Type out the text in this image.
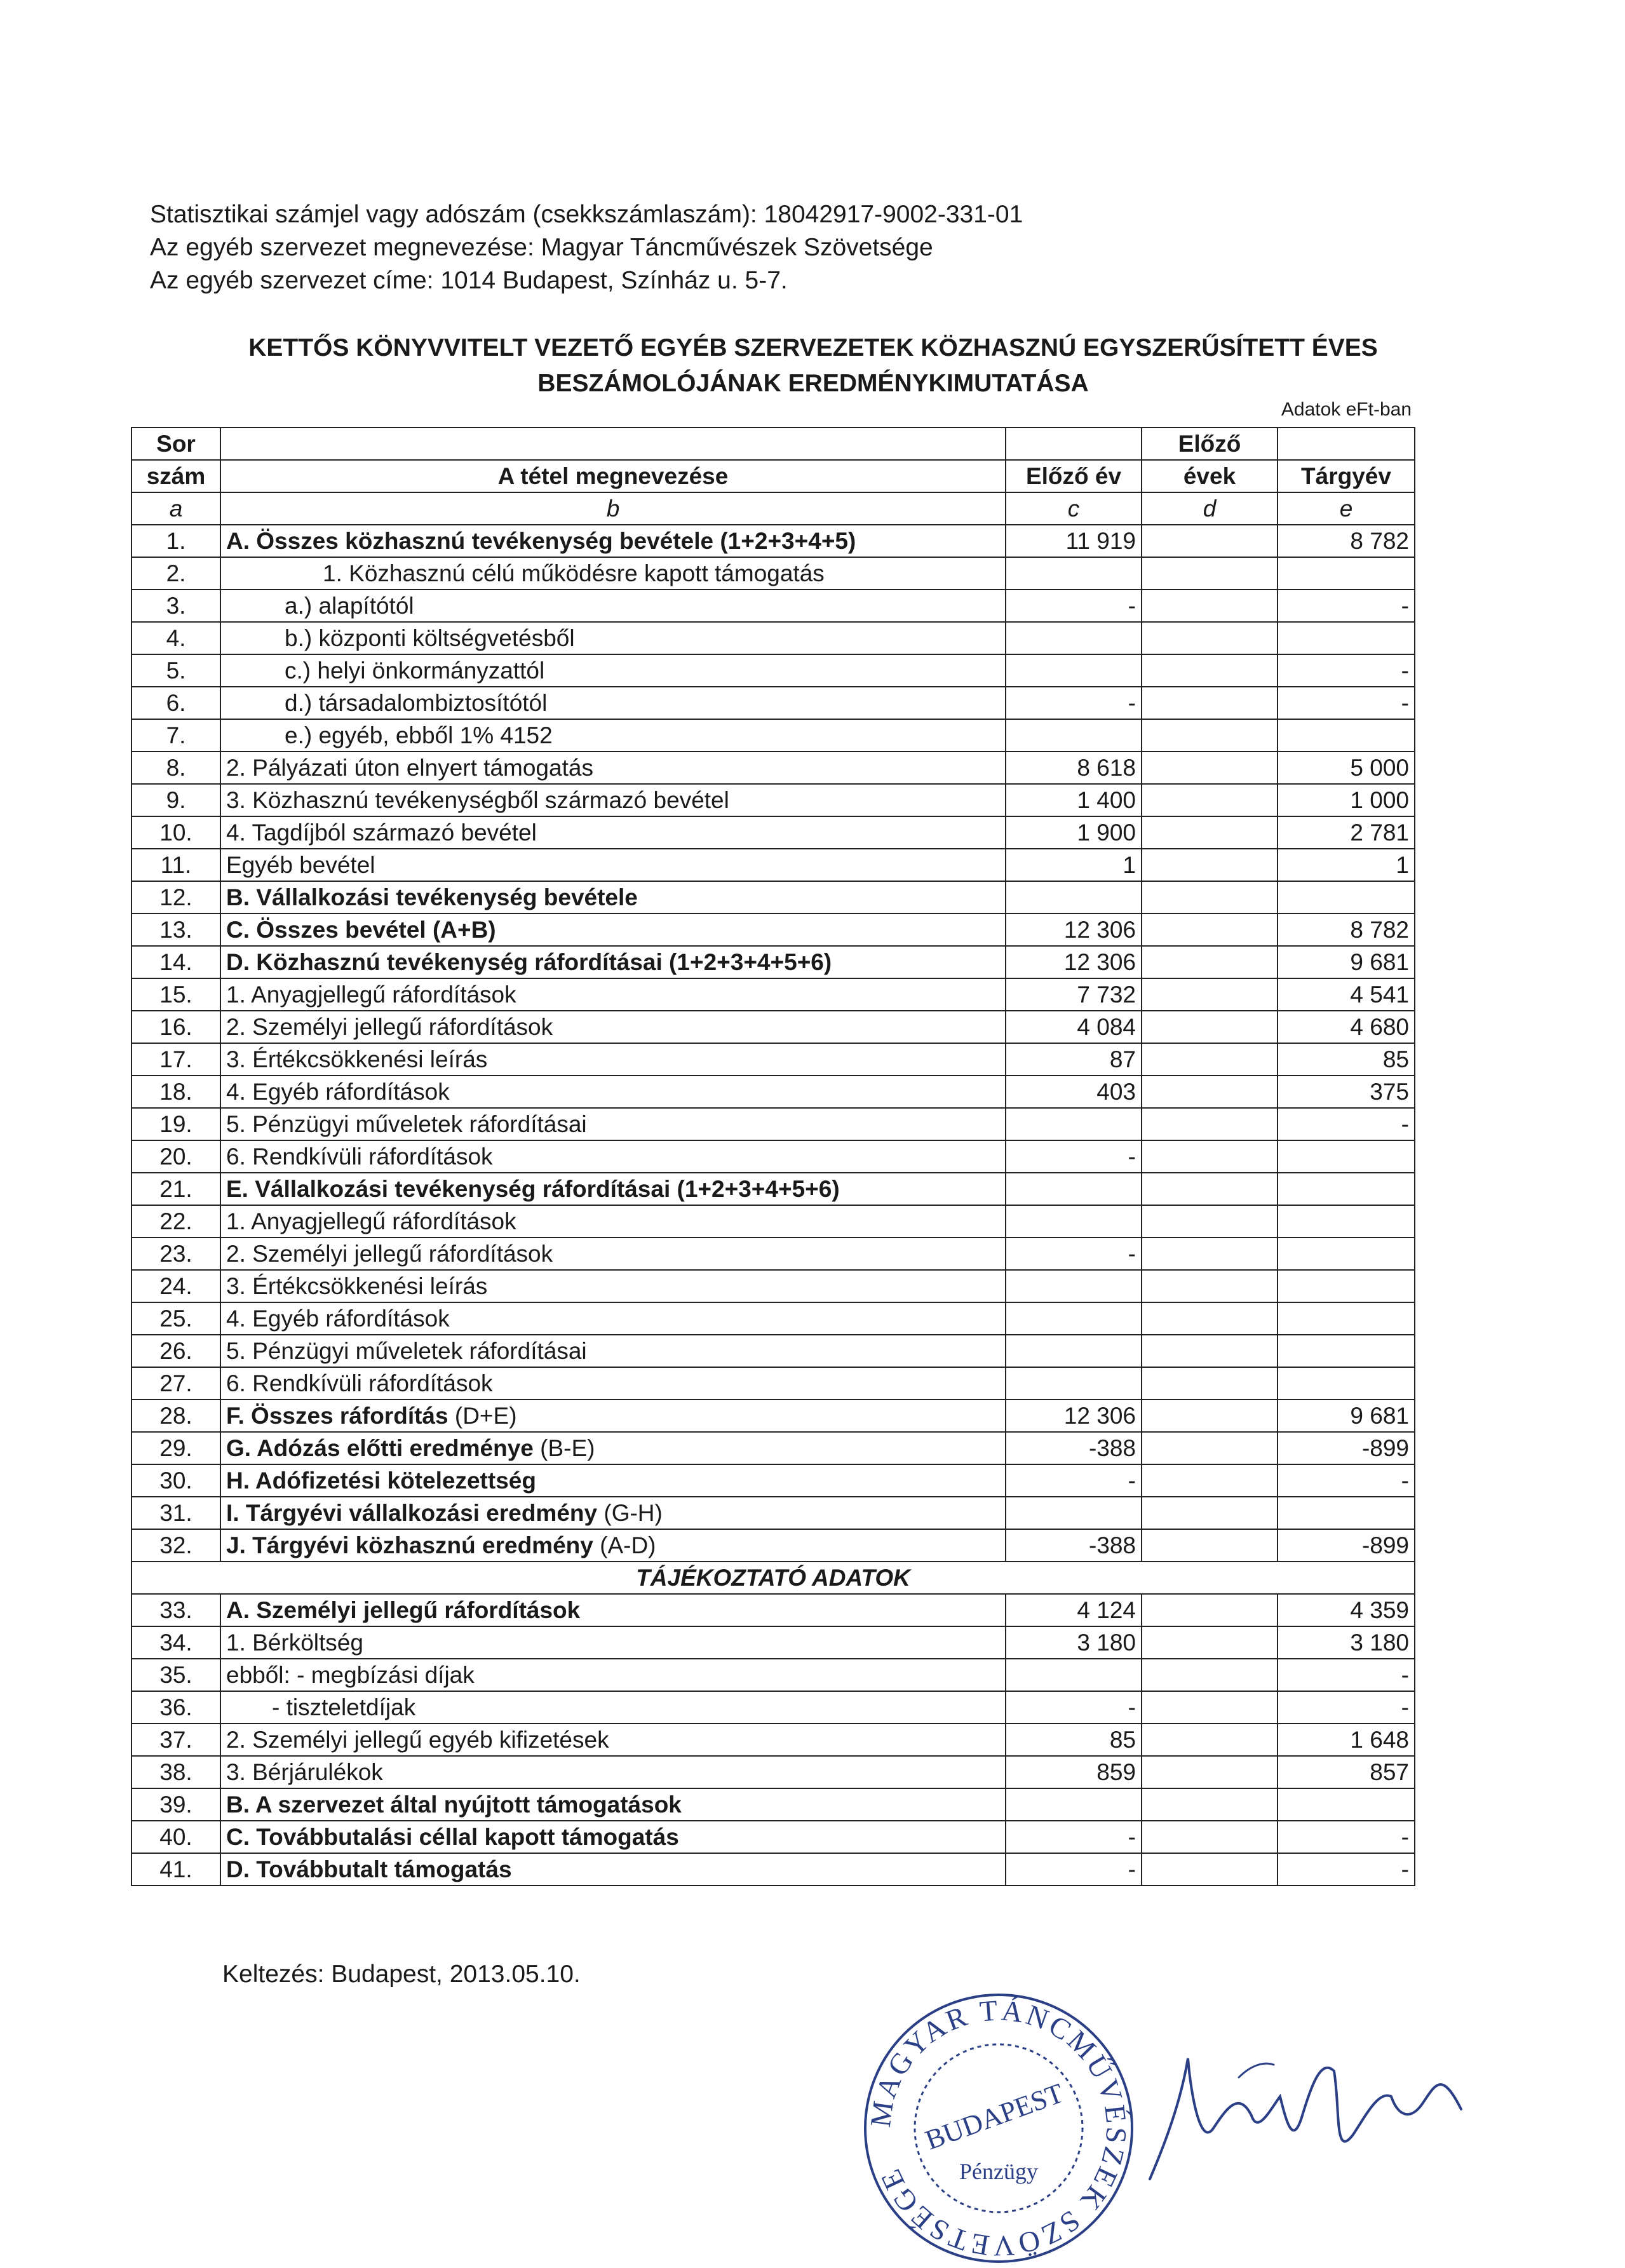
Statisztikai számjel vagy adószám (csekkszámlaszám): 18042917-9002-331-01
Az egyéb szervezet megnevezése: Magyar Táncművészek Szövetsége
Az egyéb szervezet címe: 1014 Budapest, Színház u. 5-7.
KETTŐS KÖNYVVITELT VEZETŐ EGYÉB SZERVEZETEK KÖZHASZNÚ EGYSZERŰSÍTETT ÉVES
BESZÁMOLÓJÁNAK EREDMÉNYKIMUTATÁSA
Adatok eFt-ban
Sor			Előző	
szám	A tétel megnevezése	Előző év	évek	Tárgyév
a	b	c	d	e
1.	A. Összes közhasznú tevékenység bevétele (1+2+3+4+5)	11 919		8 782
2.	1. Közhasznú célú működésre kapott támogatás			
3.	a.) alapítótól	-		-
4.	b.) központi költségvetésből			
5.	c.) helyi önkormányzattól			-
6.	d.) társadalombiztosítótól	-		-
7.	e.) egyéb, ebből 1% 4152			
8.	2. Pályázati úton elnyert támogatás	8 618		5 000
9.	3. Közhasznú tevékenységből származó bevétel	1 400		1 000
10.	4. Tagdíjból származó bevétel	1 900		2 781
11.	Egyéb bevétel	1		1
12.	B. Vállalkozási tevékenység bevétele			
13.	C. Összes bevétel (A+B)	12 306		8 782
14.	D. Közhasznú tevékenység ráfordításai (1+2+3+4+5+6)	12 306		9 681
15.	1. Anyagjellegű ráfordítások	7 732		4 541
16.	2. Személyi jellegű ráfordítások	4 084		4 680
17.	3. Értékcsökkenési leírás	87		85
18.	4. Egyéb ráfordítások	403		375
19.	5. Pénzügyi műveletek ráfordításai			-
20.	6. Rendkívüli ráfordítások	-		
21.	E. Vállalkozási tevékenység ráfordításai (1+2+3+4+5+6)			
22.	1. Anyagjellegű ráfordítások			
23.	2. Személyi jellegű ráfordítások	-		
24.	3. Értékcsökkenési leírás			
25.	4. Egyéb ráfordítások			
26.	5. Pénzügyi műveletek ráfordításai			
27.	6. Rendkívüli ráfordítások			
28.	F. Összes ráfordítás (D+E)	12 306		9 681
29.	G. Adózás előtti eredménye (B-E)	-388		-899
30.	H. Adófizetési kötelezettség	-		-
31.	I. Tárgyévi vállalkozási eredmény (G-H)			
32.	J. Tárgyévi közhasznú eredmény (A-D)	-388		-899
TÁJÉKOZTATÓ ADATOK				
33.	A. Személyi jellegű ráfordítások	4 124		4 359
34.	1. Bérköltség	3 180		3 180
35.	ebből: - megbízási díjak			-
36.	- tiszteletdíjak	-		-
37.	2. Személyi jellegű egyéb kifizetések	85		1 648
38.	3. Bérjárulékok	859		857
39.	B. A szervezet által nyújtott támogatások			
40.	C. Továbbutalási céllal kapott támogatás	-		-
41.	D. Továbbutalt támogatás	-		-
Keltezés: Budapest, 2013.05.10.
MAGYAR TÁNCMŰVÉSZEK SZÖVETSÉGE
BUDAPEST
Pénzügy
